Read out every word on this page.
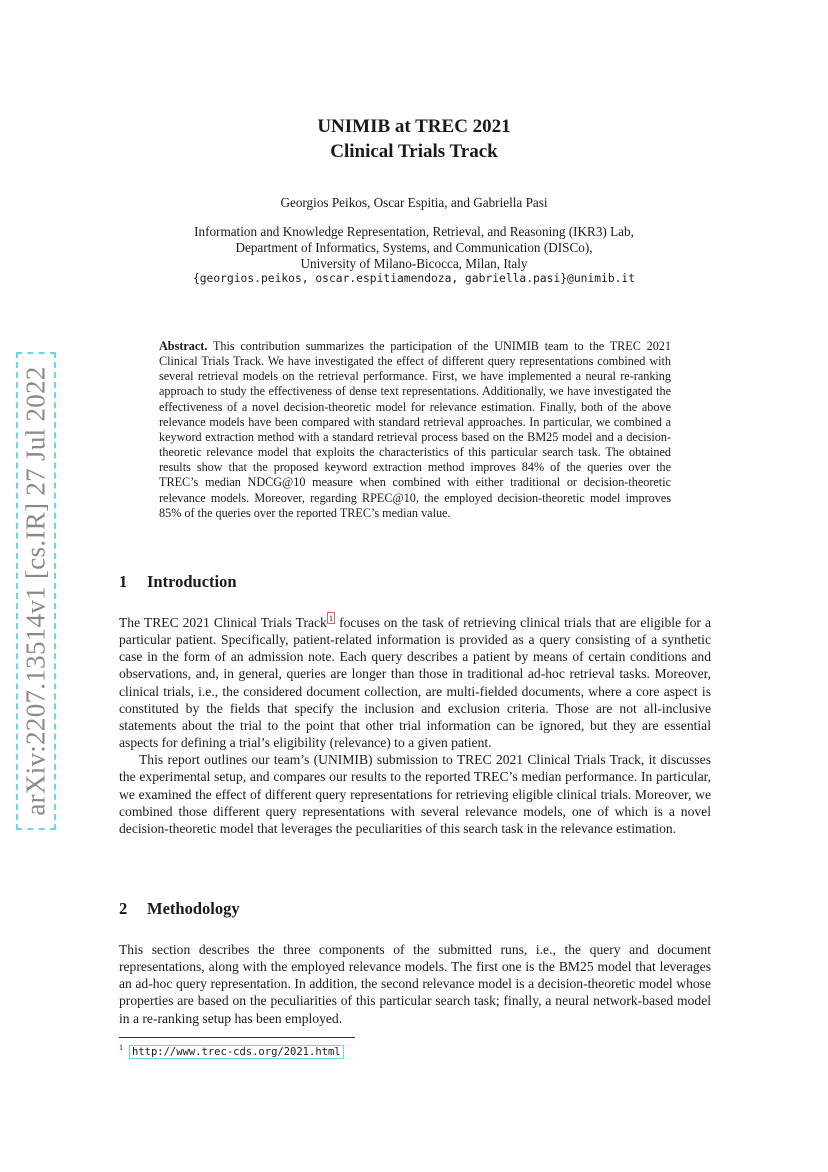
arXiv:2207.13514v1 [cs.IR] 27 Jul 2022
UNIMIB at TREC 2021
Clinical Trials Track
Georgios Peikos, Oscar Espitia, and Gabriella Pasi
Information and Knowledge Representation, Retrieval, and Reasoning (IKR3) Lab,
Department of Informatics, Systems, and Communication (DISCo),
University of Milano-Bicocca, Milan, Italy
{georgios.peikos, oscar.espitiamendoza, gabriella.pasi}@unimib.it
Abstract. This contribution summarizes the participation of the UNIMIB team to the TREC 2021 Clinical Trials Track. We have investigated the effect of different query representations combined with several retrieval models on the retrieval performance. First, we have implemented a neural re-ranking approach to study the effectiveness of dense text representations. Additionally, we have investigated the effectiveness of a novel decision-theoretic model for relevance estimation. Finally, both of the above relevance models have been compared with standard retrieval approaches. In particular, we combined a keyword extraction method with a standard retrieval process based on the BM25 model and a decision-theoretic relevance model that exploits the characteristics of this particular search task. The obtained results show that the proposed keyword extraction method improves 84% of the queries over the TREC’s median NDCG@10 measure when combined with either traditional or decision-theoretic relevance models. Moreover, regarding RPEC@10, the employed decision-theoretic model improves 85% of the queries over the reported TREC’s median value.
1 Introduction

The TREC 2021 Clinical Trials Track $^1$ focuses on the task of retrieving clinical trials that are eligible for a particular patient. Specifically, patient-related information is provided as a query consisting of a synthetic case in the form of an admission note. Each query describes a patient by means of certain conditions and observations, and, in general, queries are longer than those in traditional ad-hoc retrieval tasks. Moreover, clinical trials, i.e., the considered document collection, are multi-fielded documents, where a core aspect is constituted by the fields that specify the inclusion and exclusion criteria. Those are not all-inclusive statements about the trial to the point that other trial information can be ignored, but they are essential aspects for defining a trial’s eligibility (relevance) to a given patient.

This report outlines our team’s (UNIMIB) submission to TREC 2021 Clinical Trials Track, it discusses the experimental setup, and compares our results to the reported TREC’s median performance. In particular, we examined the effect of different query representations for retrieving eligible clinical trials. Moreover, we combined those different query representations with several relevance models, one of which is a novel decision-theoretic model that leverages the peculiarities of this search task in the relevance estimation.

2 Methodology

This section describes the three components of the submitted runs, i.e., the query and document representations, along with the employed relevance models. The first one is the BM25 model that leverages an ad-hoc query representation. In addition, the second relevance model is a decision-theoretic model whose properties are based on the peculiarities of this particular search task; finally, a neural network-based model in a re-ranking setup has been employed.

$^1$ http://www.trec-cds.org/2021.html
